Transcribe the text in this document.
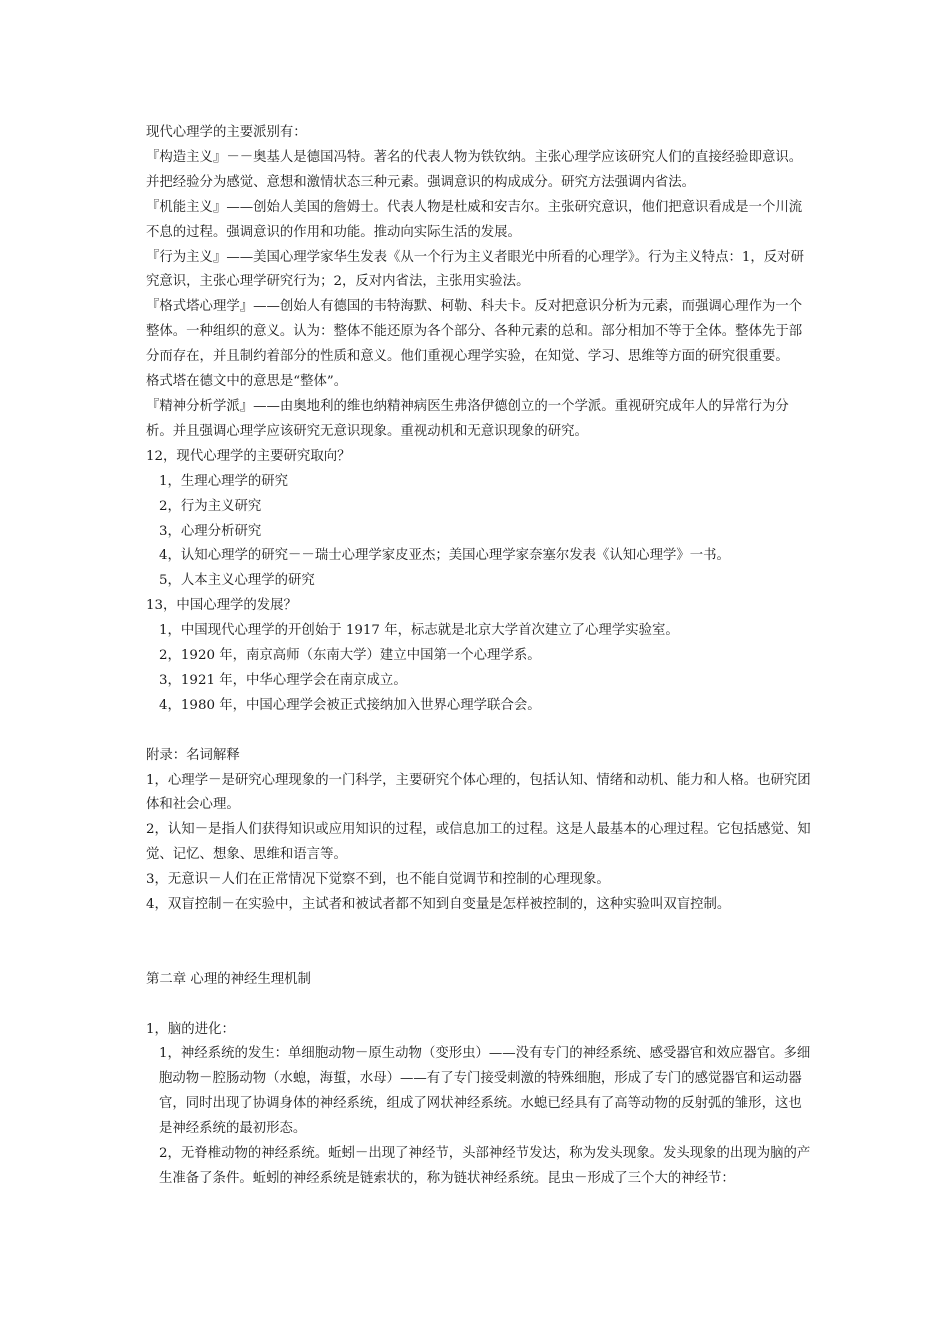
现代心理学的主要派别有：

『构造主义』－－奥基人是德国冯特。著名的代表人物为铁钦纳。主张心理学应该研究人们的直接经验即意识。并把经验分为感觉、意想和激情状态三种元素。强调意识的构成成分。研究方法强调内省法。

『机能主义』——创始人美国的詹姆士。代表人物是杜威和安吉尔。主张研究意识，他们把意识看成是一个川流不息的过程。强调意识的作用和功能。推动向实际生活的发展。

『行为主义』——美国心理学家华生发表《从一个行为主义者眼光中所看的心理学》。行为主义特点：1，反对研究意识，主张心理学研究行为；2，反对内省法，主张用实验法。

『格式塔心理学』——创始人有德国的韦特海默、柯勒、科夫卡。反对把意识分析为元素，而强调心理作为一个整体。一种组织的意义。认为：整体不能还原为各个部分、各种元素的总和。部分相加不等于全体。整体先于部分而存在，并且制约着部分的性质和意义。他们重视心理学实验，在知觉、学习、思维等方面的研究很重要。

格式塔在德文中的意思是“整体”。

『精神分析学派』——由奥地利的维也纳精神病医生弗洛伊德创立的一个学派。重视研究成年人的异常行为分析。并且强调心理学应该研究无意识现象。重视动机和无意识现象的研究。

12，现代心理学的主要研究取向？

1，生理心理学的研究

2，行为主义研究

3，心理分析研究

4，认知心理学的研究－－瑞士心理学家皮亚杰；美国心理学家奈塞尔发表《认知心理学》一书。

5，人本主义心理学的研究

13，中国心理学的发展？

1，中国现代心理学的开创始于 1917 年，标志就是北京大学首次建立了心理学实验室。

2，1920 年，南京高师（东南大学）建立中国第一个心理学系。

3，1921 年，中华心理学会在南京成立。

4，1980 年，中国心理学会被正式接纳加入世界心理学联合会。

附录：名词解释

1，心理学－是研究心理现象的一门科学，主要研究个体心理的，包括认知、情绪和动机、能力和人格。也研究团体和社会心理。

2，认知－是指人们获得知识或应用知识的过程，或信息加工的过程。这是人最基本的心理过程。它包括感觉、知觉、记忆、想象、思维和语言等。

3，无意识－人们在正常情况下觉察不到，也不能自觉调节和控制的心理现象。

4，双盲控制－在实验中，主试者和被试者都不知到自变量是怎样被控制的，这种实验叫双盲控制。

第二章 心理的神经生理机制

1，脑的进化：

1，神经系统的发生：单细胞动物－原生动物（变形虫）——没有专门的神经系统、感受器官和效应器官。多细胞动物－腔肠动物（水螅，海蜇，水母）——有了专门接受刺激的特殊细胞，形成了专门的感觉器官和运动器官，同时出现了协调身体的神经系统，组成了网状神经系统。水螅已经具有了高等动物的反射弧的雏形，这也是神经系统的最初形态。

2，无脊椎动物的神经系统。蚯蚓－出现了神经节，头部神经节发达，称为发头现象。发头现象的出现为脑的产生准备了条件。蚯蚓的神经系统是链索状的，称为链状神经系统。昆虫－形成了三个大的神经节：
